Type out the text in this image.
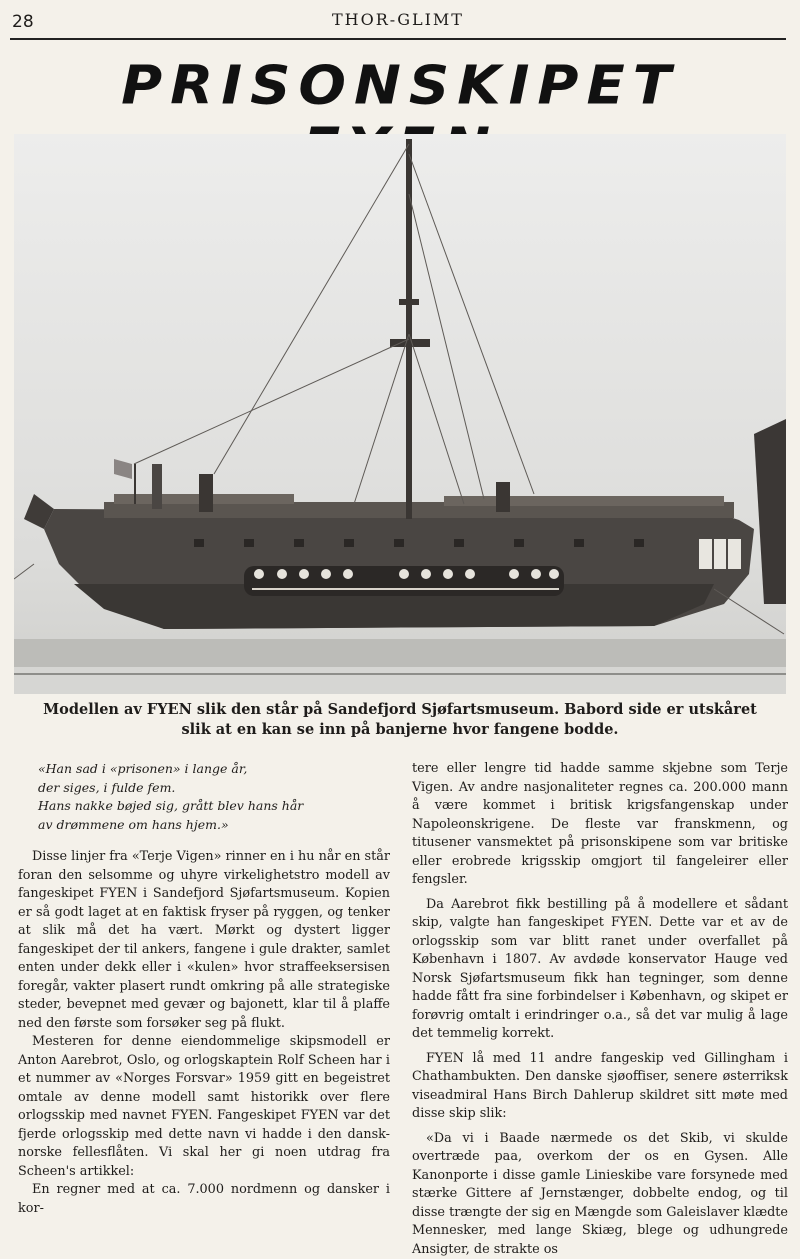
28	THOR-GLIMT
PRISONSKIPET
Modellen av FYEN slik den står på Sandefjord Sjøfartsmuseum. Babord side er utskåret slik at en kan se inn på banjerne hvor fangene bodde.
«Han sad i «prisonen» i lange år,
der siges, i fulde fem.
Hans nakke bøjed sig, grått blev hans hår
av drømmene om hans hjem.»

Disse linjer fra «Terje Vigen» rinner en i hu når en står foran den selsomme og uhyre virkelighetstro modell av fangeskipet FYEN i Sandefjord Sjøfartsmuseum. Kopien er så godt laget at en faktisk fryser på ryggen, og tenker at slik må det ha vært. Mørkt og dystert ligger fangeskipet der til ankers, fangene i gule drakter, samlet enten under dekk eller i «kulen» hvor straffeeksersisen foregår, vakter plasert rundt omkring på alle strategiske steder, bevepnet med gevær og bajonett, klar til å plaffe ned den første som forsøker seg på flukt.

Mesteren for denne eiendommelige skipsmodell er Anton Aarebrot, Oslo, og orlogskaptein Rolf Scheen har i et nummer av «Norges Forsvar» 1959 gitt en begeistret omtale av denne modell samt historikk over flere orlogsskip med navnet FYEN. Fangeskipet FYEN var det fjerde orlogsskip med dette navn vi hadde i den dansk-norske fellesflåten. Vi skal her gi noen utdrag fra Scheen's artikkel:

En regner med at ca. 7.000 nordmenn og dansker i kor-

tere eller lengre tid hadde samme skjebne som Terje Vigen. Av andre nasjonaliteter regnes ca. 200.000 mann å være kommet i britisk krigsfangenskap under Napoleonskrigene. De fleste var franskmenn, og titusener vansmektet på prisonskipene som var britiske eller erobrede krigsskip omgjort til fangeleirer eller fengsler.

Da Aarebrot fikk bestilling på å modellere et sådant skip, valgte han fangeskipet FYEN. Dette var et av de orlogsskip som var blitt ranet under overfallet på København i 1807. Av avdøde konservator Hauge ved Norsk Sjøfartsmuseum fikk han tegninger, som denne hadde fått fra sine forbindelser i København, og skipet er forøvrig omtalt i erindringer o.a., så det var mulig å lage det temmelig korrekt.

FYEN lå med 11 andre fangeskip ved Gillingham i Chathambukten. Den danske sjøoffiser, senere østerriksk viseadmiral Hans Birch Dahlerup skildret sitt møte med disse skip slik:

«Da vi i Baade nærmede os det Skib, vi skulde overtræde paa, overkom der os en Gysen. Alle Kanonporte i disse gamle Linieskibe vare forsynede med stærke Gittere af Jernstænger, dobbelte endog, og til disse trængte der sig en Mængde som Galeislaver klædte Mennesker, med lange Skiæg, blege og udhungrede Ansigter, de strakte os
